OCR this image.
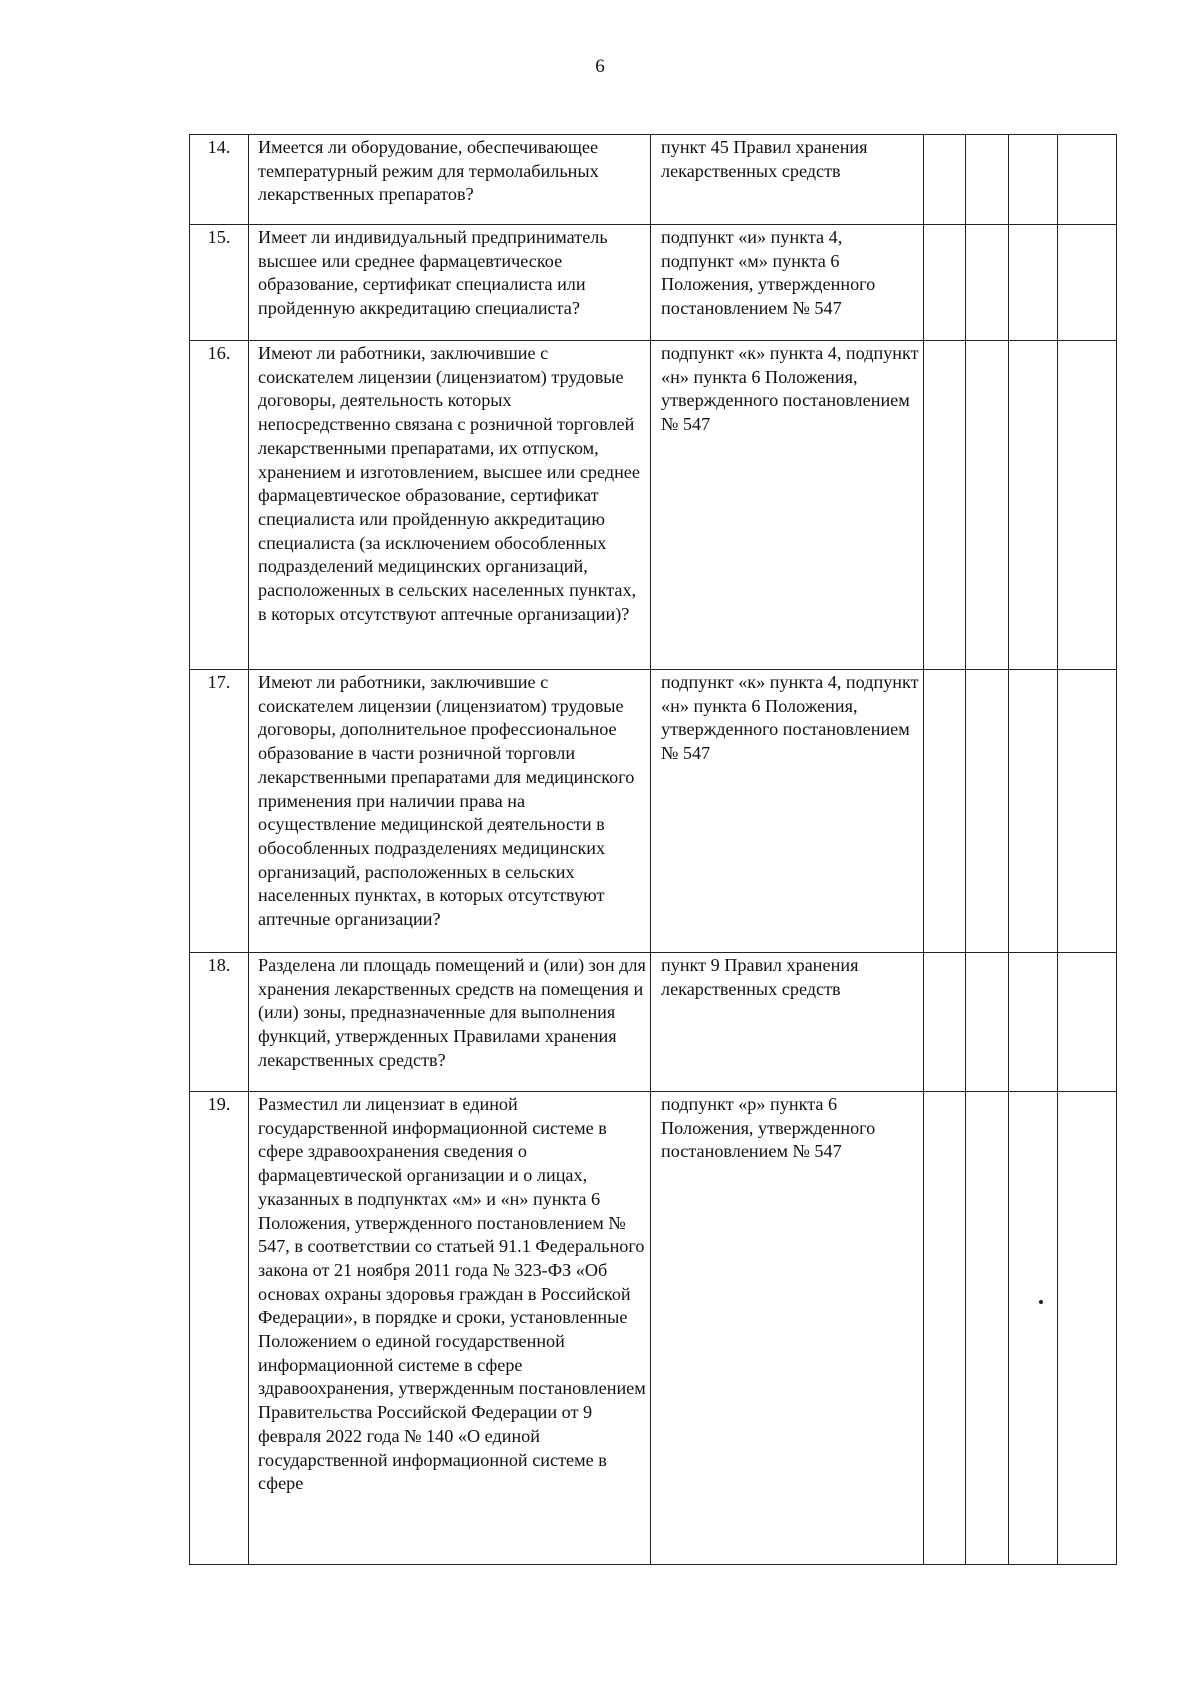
6
14.	Имеется ли оборудование, обеспечивающее температурный режим для термолабильных лекарственных препаратов?	пункт 45 Правил хранения лекарственных средств				
15.	Имеет ли индивидуальный предприниматель высшее или среднее фармацевтическое образование, сертификат специалиста или пройденную аккредитацию специалиста?	подпункт «и» пункта 4, подпункт «м» пункта 6 Положения, утвержденного постановлением № 547				
16.	Имеют ли работники, заключившие с соискателем лицензии (лицензиатом) трудовые договоры, деятельность которых непосредственно связана с розничной торговлей лекарственными препаратами, их отпуском, хранением и изготовлением, высшее или среднее фармацевтическое образование, сертификат специалиста или пройденную аккредитацию специалиста (за исключением обособленных подразделений медицинских организаций, расположенных в сельских населенных пунктах, в которых отсутствуют аптечные организации)?	подпункт «к» пункта 4, подпункт «н» пункта 6 Положения, утвержденного постановлением № 547				
17.	Имеют ли работники, заключившие с соискателем лицензии (лицензиатом) трудовые договоры, дополнительное профессиональное образование в части розничной торговли лекарственными препаратами для медицинского применения при наличии права на осуществление медицинской деятельности в обособленных подразделениях медицинских организаций, расположенных в сельских населенных пунктах, в которых отсутствуют аптечные организации?	подпункт «к» пункта 4, подпункт «н» пункта 6 Положения, утвержденного постановлением № 547				
18.	Разделена ли площадь помещений и (или) зон для хранения лекарственных средств на помещения и (или) зоны, предназначенные для выполнения функций, утвержденных Правилами хранения лекарственных средств?	пункт 9 Правил хранения лекарственных средств				
19.	Разместил ли лицензиат в единой государственной информационной системе в сфере здравоохранения сведения о фармацевтической организации и о лицах, указанных в подпунктах «м» и «н» пункта 6 Положения, утвержденного постановлением № 547, в соответствии со статьей 91.1 Федерального закона от 21 ноября 2011 года № 323-ФЗ «Об основах охраны здоровья граждан в Российской Федерации», в порядке и сроки, установленные Положением о единой государственной информационной системе в сфере здравоохранения, утвержденным постановлением Правительства Российской Федерации от 9 февраля 2022 года № 140 «О единой государственной информационной системе в сфере	подпункт «р» пункта 6 Положения, утвержденного постановлением № 547				
